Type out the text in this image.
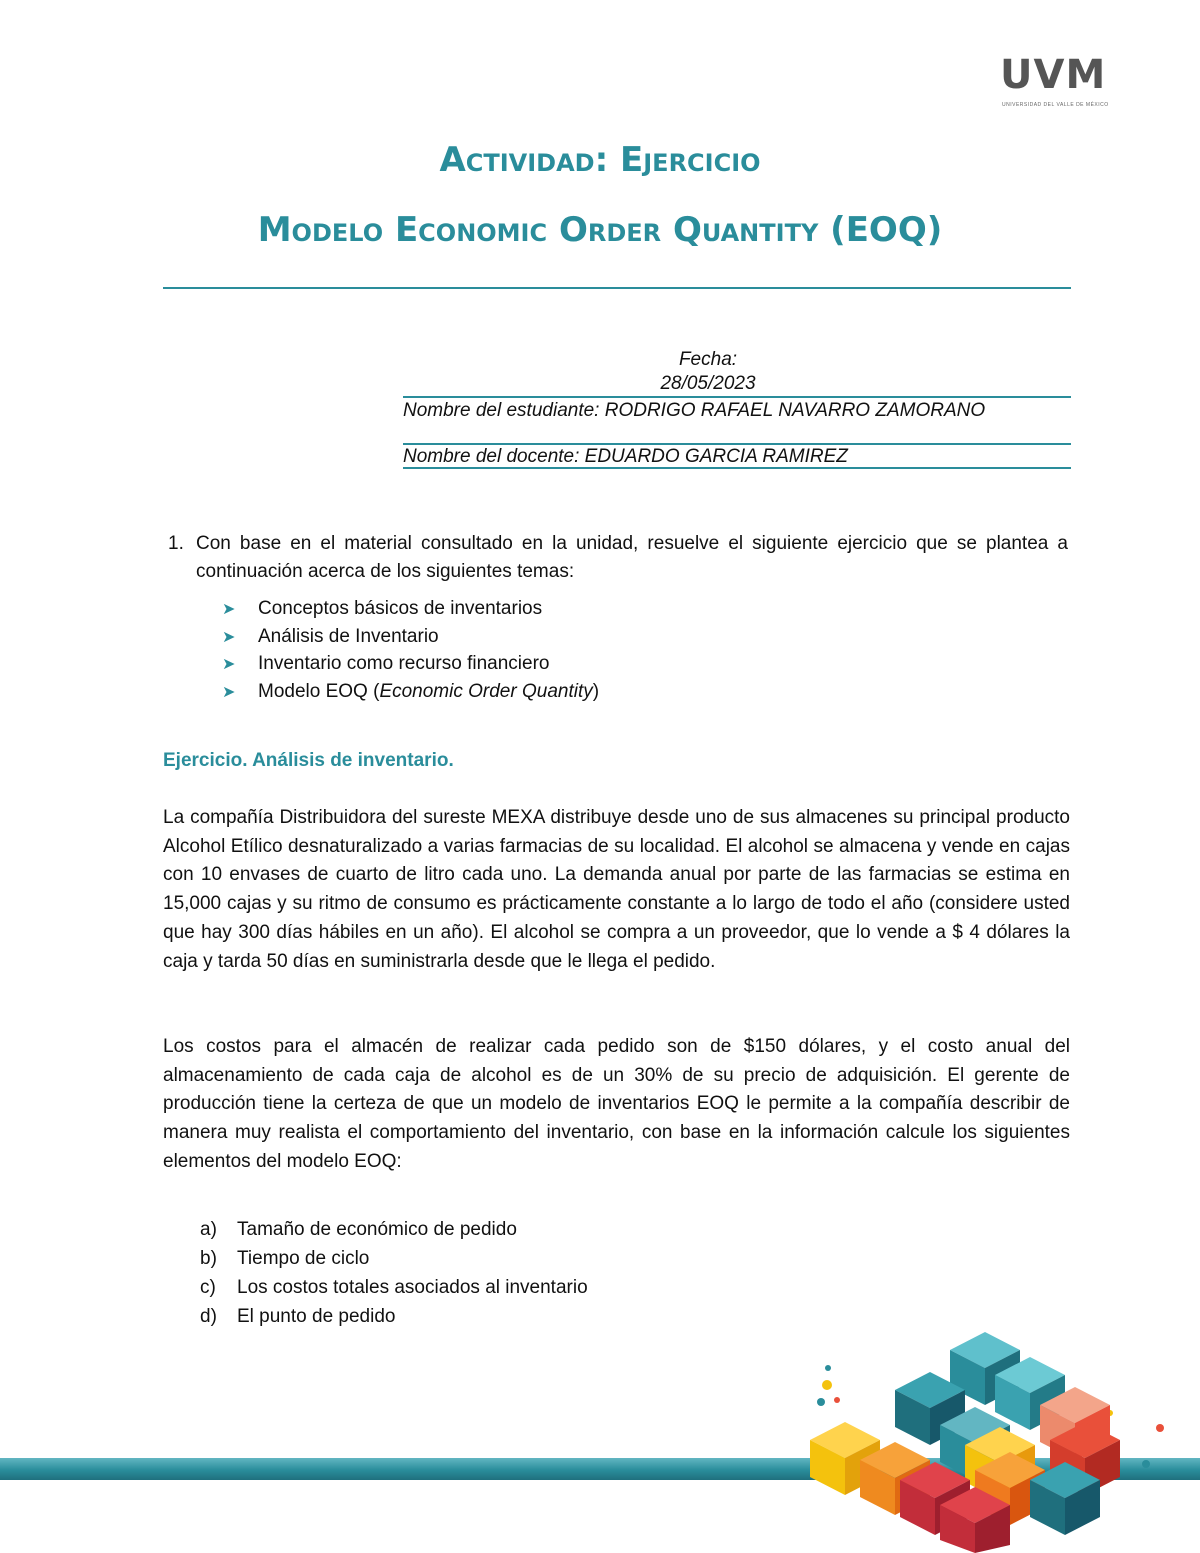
UVM
UNIVERSIDAD DEL VALLE DE MÉXICO
Actividad: Ejercicio
Modelo Economic Order Quantity (EOQ)
Fecha:
28/05/2023
Nombre del estudiante: RODRIGO RAFAEL NAVARRO ZAMORANO
Nombre del docente: EDUARDO GARCIA RAMIREZ
1. Con base en el material consultado en la unidad, resuelve el siguiente ejercicio que se plantea a continuación acerca de los siguientes temas:
➤ Conceptos básicos de inventarios
➤ Análisis de Inventario
➤ Inventario como recurso financiero
➤ Modelo EOQ (Economic Order Quantity)
Ejercicio. Análisis de inventario.
La compañía Distribuidora del sureste MEXA distribuye desde uno de sus almacenes su principal producto Alcohol Etílico desnaturalizado a varias farmacias de su localidad. El alcohol se almacena y vende en cajas con 10 envases de cuarto de litro cada uno. La demanda anual por parte de las farmacias se estima en 15,000 cajas y su ritmo de consumo es prácticamente constante a lo largo de todo el año (considere usted que hay 300 días hábiles en un año). El alcohol se compra a un proveedor, que lo vende a $ 4 dólares la caja y tarda 50 días en suministrarla desde que le llega el pedido.
Los costos para el almacén de realizar cada pedido son de $150 dólares, y el costo anual del almacenamiento de cada caja de alcohol es de un 30% de su precio de adquisición. El gerente de producción tiene la certeza de que un modelo de inventarios EOQ le permite a la compañía describir de manera muy realista el comportamiento del inventario, con base en la información calcule los siguientes elementos del modelo EOQ:
a) Tamaño de económico de pedido
b) Tiempo de ciclo
c) Los costos totales asociados al inventario
d) El punto de pedido
